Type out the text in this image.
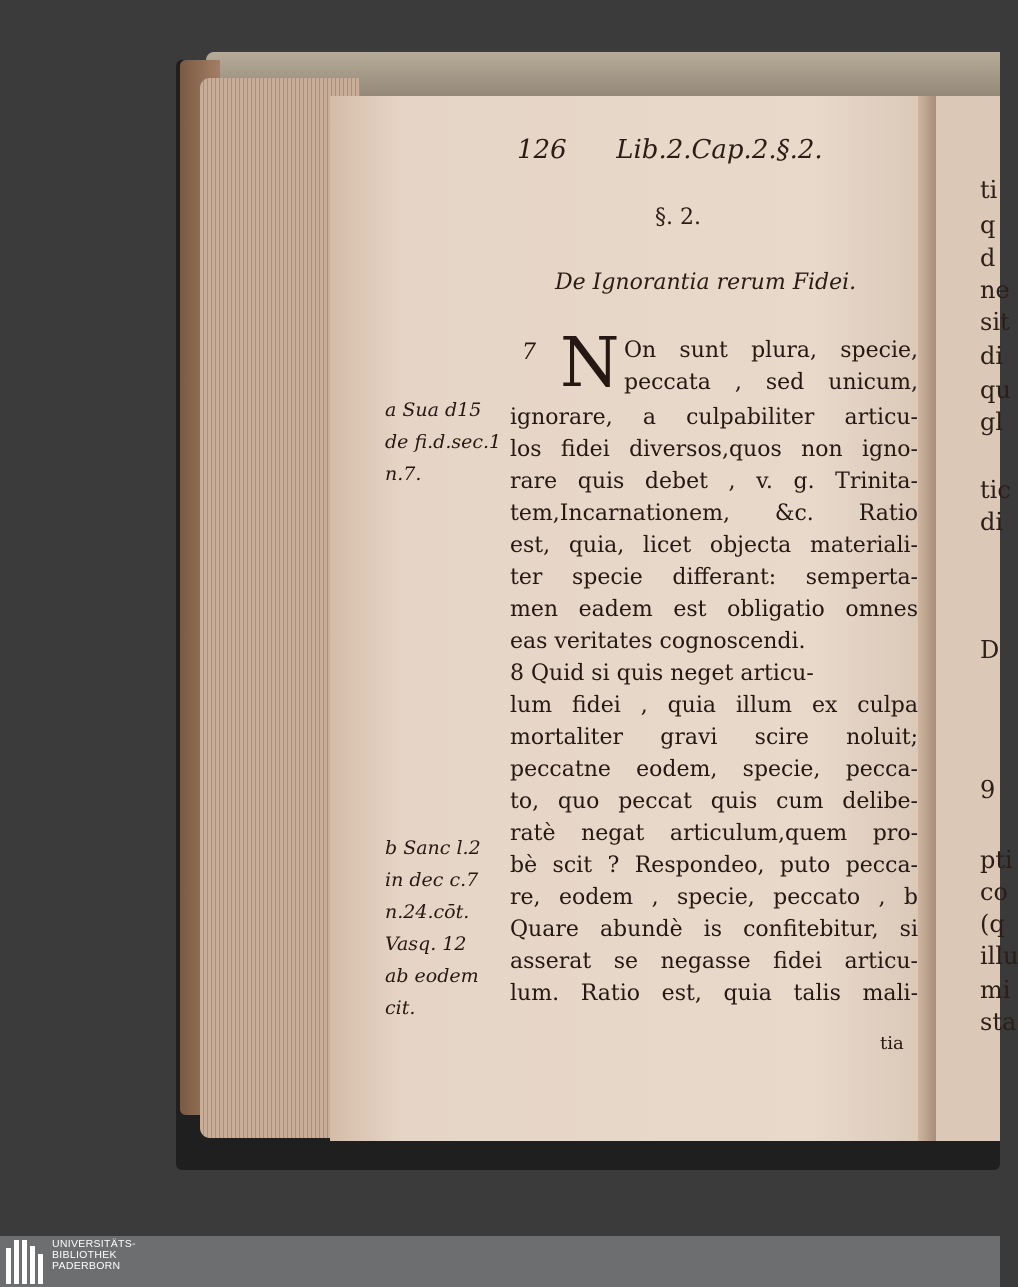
ti
q
d
ne
sit
di
qu
gl
tic
di
D
9
pti
co
(q
illu
mi
sta
126      Lib.2.Cap.2.§.2.
§. 2.
De Ignorantia rerum Fidei.
7 N On sunt plura, specie,
peccata , sed unicum,
ignorare, a culpabiliter articu-
los fidei diversos,quos non igno-
rare quis debet , v. g. Trinita-
tem,Incarnationem, &c. Ratio
est, quia, licet objecta materiali-
ter specie differant: semperta-
men eadem est obligatio omnes
eas veritates cognoscendi.
8 Quid si quis neget articu-
lum fidei , quia illum ex culpa
mortaliter gravi scire noluit;
peccatne eodem, specie, pecca-
to, quo peccat quis cum delibe-
ratè negat articulum,quem pro-
bè scit ? Respondeo, puto pecca-
re, eodem , specie, peccato , b
Quare abundè is confitebitur, si
asserat se negasse fidei articu-
lum. Ratio est, quia talis mali-
a Sua d15
de fi.d.sec.1
n.7.
b Sanc l.2
in dec c.7
n.24.cōt.
Vasq. 12
ab eodem
cit.
tia
UNIVERSITÄTS-
BIBLIOTHEK
PADERBORN
